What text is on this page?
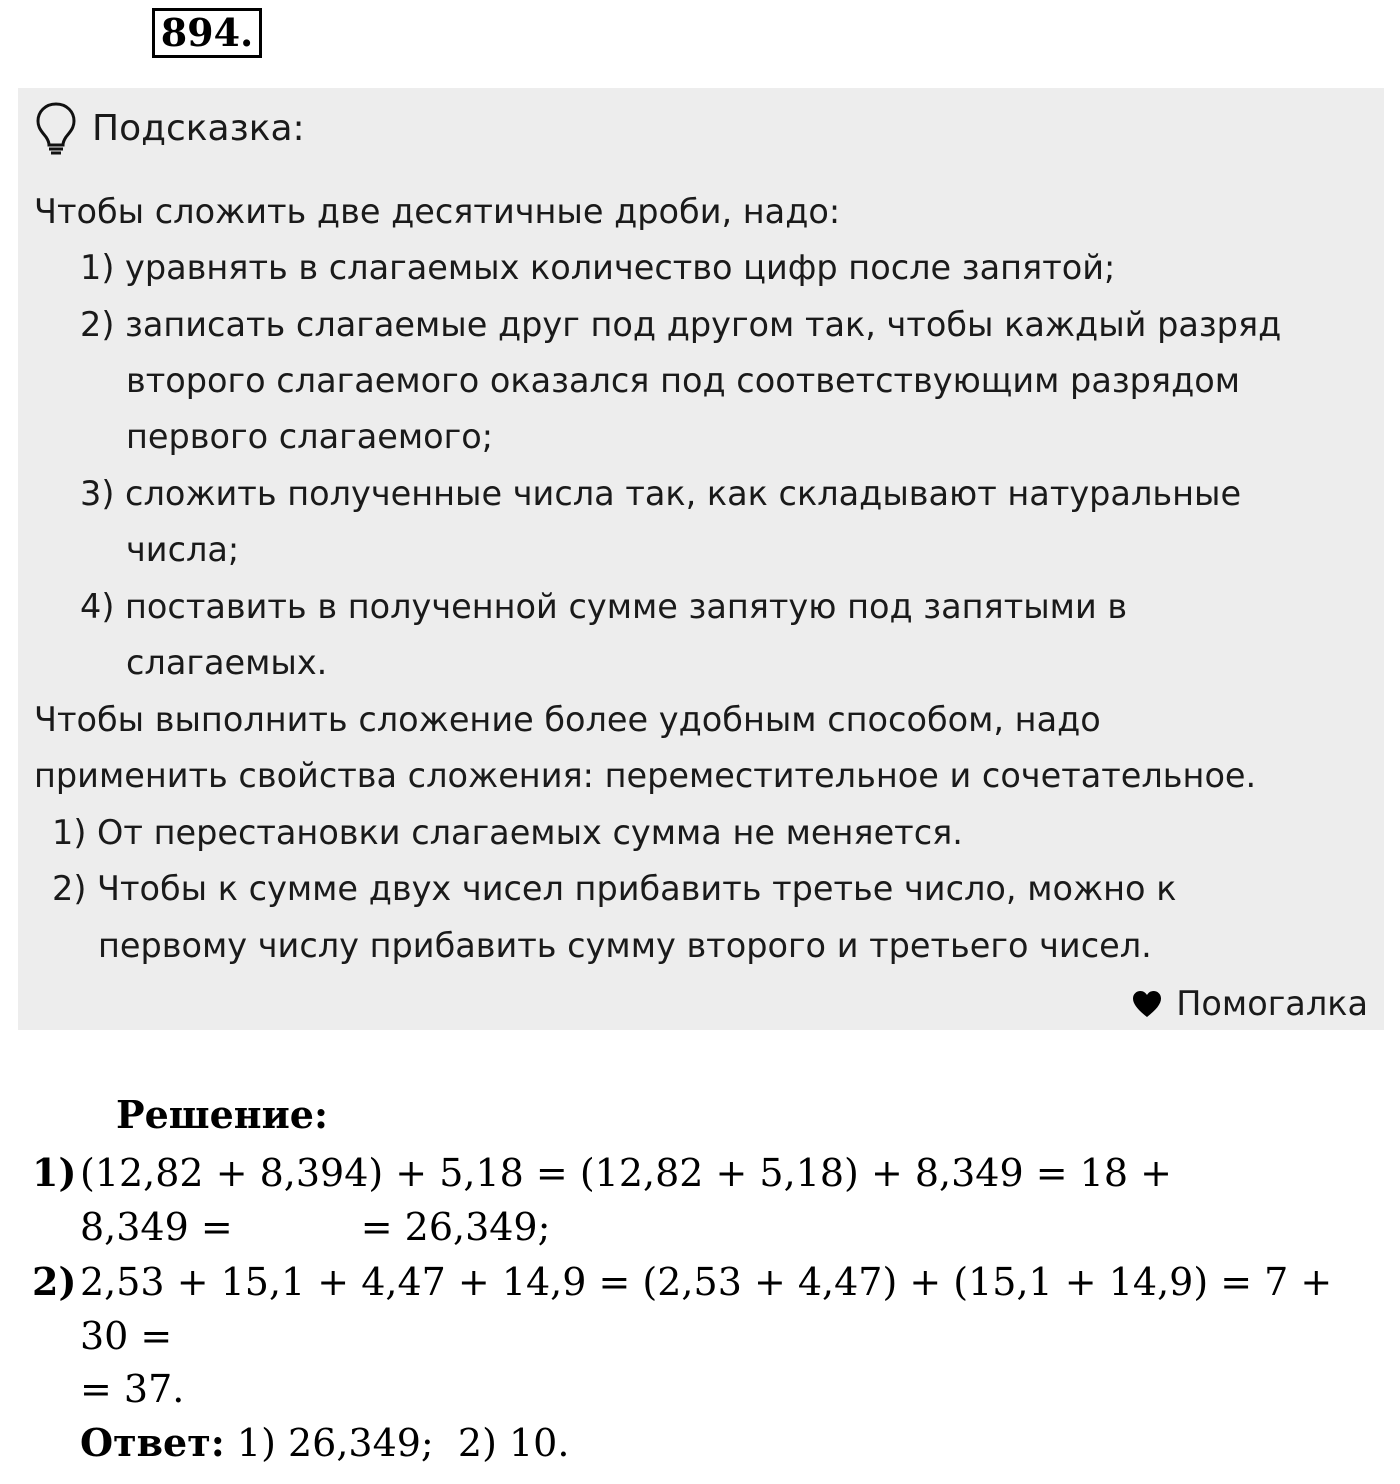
894.
Подсказка:
Чтобы сложить две десятичные дроби, надо:
1) уравнять в слагаемых количество цифр после запятой;
2) записать слагаемые друг под другом так, чтобы каждый разряд
второго слагаемого оказался под соответствующим разрядом
первого слагаемого;
3) сложить полученные числа так, как складывают натуральные
числа;
4) поставить в полученной сумме запятую под запятыми в
слагаемых.
Чтобы выполнить сложение более удобным способом, надо
применить свойства сложения: переместительное и сочетательное.
1) От перестановки слагаемых сумма не меняется.
2) Чтобы к сумме двух чисел прибавить третье число, можно к
первому числу прибавить сумму второго и третьего чисел.
Помогалка
Решение:
1) (12,82 + 8,394) + 5,18 = (12,82 + 5,18) + 8,349 = 18 +
8,349 =	= 26,349;
2) 2,53 + 15,1 + 4,47 + 14,9 = (2,53 + 4,47) + (15,1 + 14,9) = 7 +
30 =
= 37.
Ответ: 1) 26,349;  2) 10.
